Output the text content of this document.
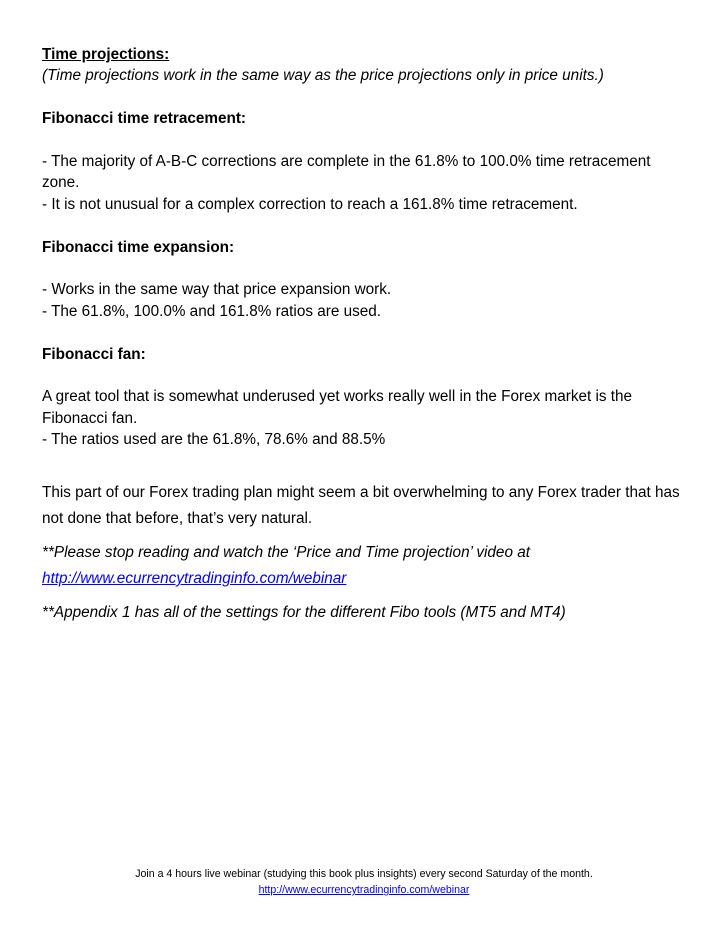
Time projections:

(Time projections work in the same way as the price projections only in price units.)

Fibonacci time retracement:

- The majority of A-B-C corrections are complete in the 61.8% to 100.0% time retracement zone.

- It is not unusual for a complex correction to reach a 161.8% time retracement.

Fibonacci time expansion:

- Works in the same way that price expansion work.

- The 61.8%, 100.0% and 161.8% ratios are used.

Fibonacci fan:

A great tool that is somewhat underused yet works really well in the Forex market is the Fibonacci fan.

- The ratios used are the 61.8%, 78.6% and 88.5%

This part of our Forex trading plan might seem a bit overwhelming to any Forex trader that has not done that before, that’s very natural.

**Please stop reading and watch the ‘Price and Time projection’ video at
http://www.ecurrencytradinginfo.com/webinar

**Appendix 1 has all of the settings for the different Fibo tools (MT5 and MT4)

Join a 4 hours live webinar (studying this book plus insights) every second Saturday of the month.

http://www.ecurrencytradinginfo.com/webinar
